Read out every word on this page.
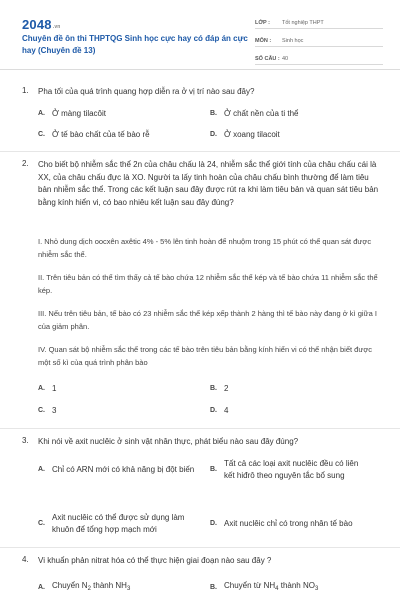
$2048^{.vn}$
Chuyên đề ôn thi THPTQG Sinh học cực hay có đáp án cực hay (Chuyên đề 13)
LỚP :	Tốt nghiệp THPT
MÔN :	Sinh học
SỐ CÂU : 40
1. Pha tối của quá trình quang hợp diễn ra ở vị trí nào sau đây?
A. Ở màng tilacôit	B. Ở chất nền của ti thể
C. Ở tế bào chất của tế bào rễ	D. Ở xoang tilacoit
2. Cho biết bộ nhiễm sắc thể 2n của châu chấu là 24, nhiễm sắc thể giới tính của châu chấu cái là XX, của châu chấu đực là XO. Người ta lấy tinh hoàn của châu chấu bình thường để làm tiêu bản nhiễm sắc thể. Trong các kết luận sau đây được rút ra khi làm tiêu bản và quan sát tiêu bản bằng kính hiển vi, có bao nhiêu kết luận sau đây đúng?
I. Nhỏ dung dịch oocxên axêtic 4% - 5% lên tinh hoàn để nhuộm trong 15 phút có thể quan sát được nhiễm sắc thể.
II. Trên tiêu bản có thể tìm thấy cả tế bào chứa 12 nhiễm sắc thể kép và tế bào chứa 11 nhiễm sắc thể kép.
III. Nếu trên tiêu bản, tế bào có 23 nhiễm sắc thể kép xếp thành 2 hàng thì tế bào này đang ở kì giữa I của giảm phân.
IV. Quan sát bộ nhiễm sắc thể trong các tế bào trên tiêu bản bằng kính hiển vi có thể nhận biết được một số kì của quá trình phân bào
A. 1	B. 2
C. 3	D. 4
3. Khi nói về axit nuclêic ở sinh vật nhân thực, phát biểu nào sau đây đúng?
A. Chỉ có ARN mới có khả năng bị đột biến	B.
Tất cả các loại axit nuclêic đều có liên kết hiđrô theo nguyên tắc bổ sung
C.
Axit nuclêic có thể được sử dụng làm khuôn để tổng hợp mạch mới
D. Axit nuclêic chỉ có trong nhân tế bào
4. Vi khuẩn phản nitrat hóa có thể thực hiện giai đoạn nào sau đây ?
A. Chuyển $N_2$ thành $NH_3$	B. Chuyển từ $NH_4$ thành $NO_3$
